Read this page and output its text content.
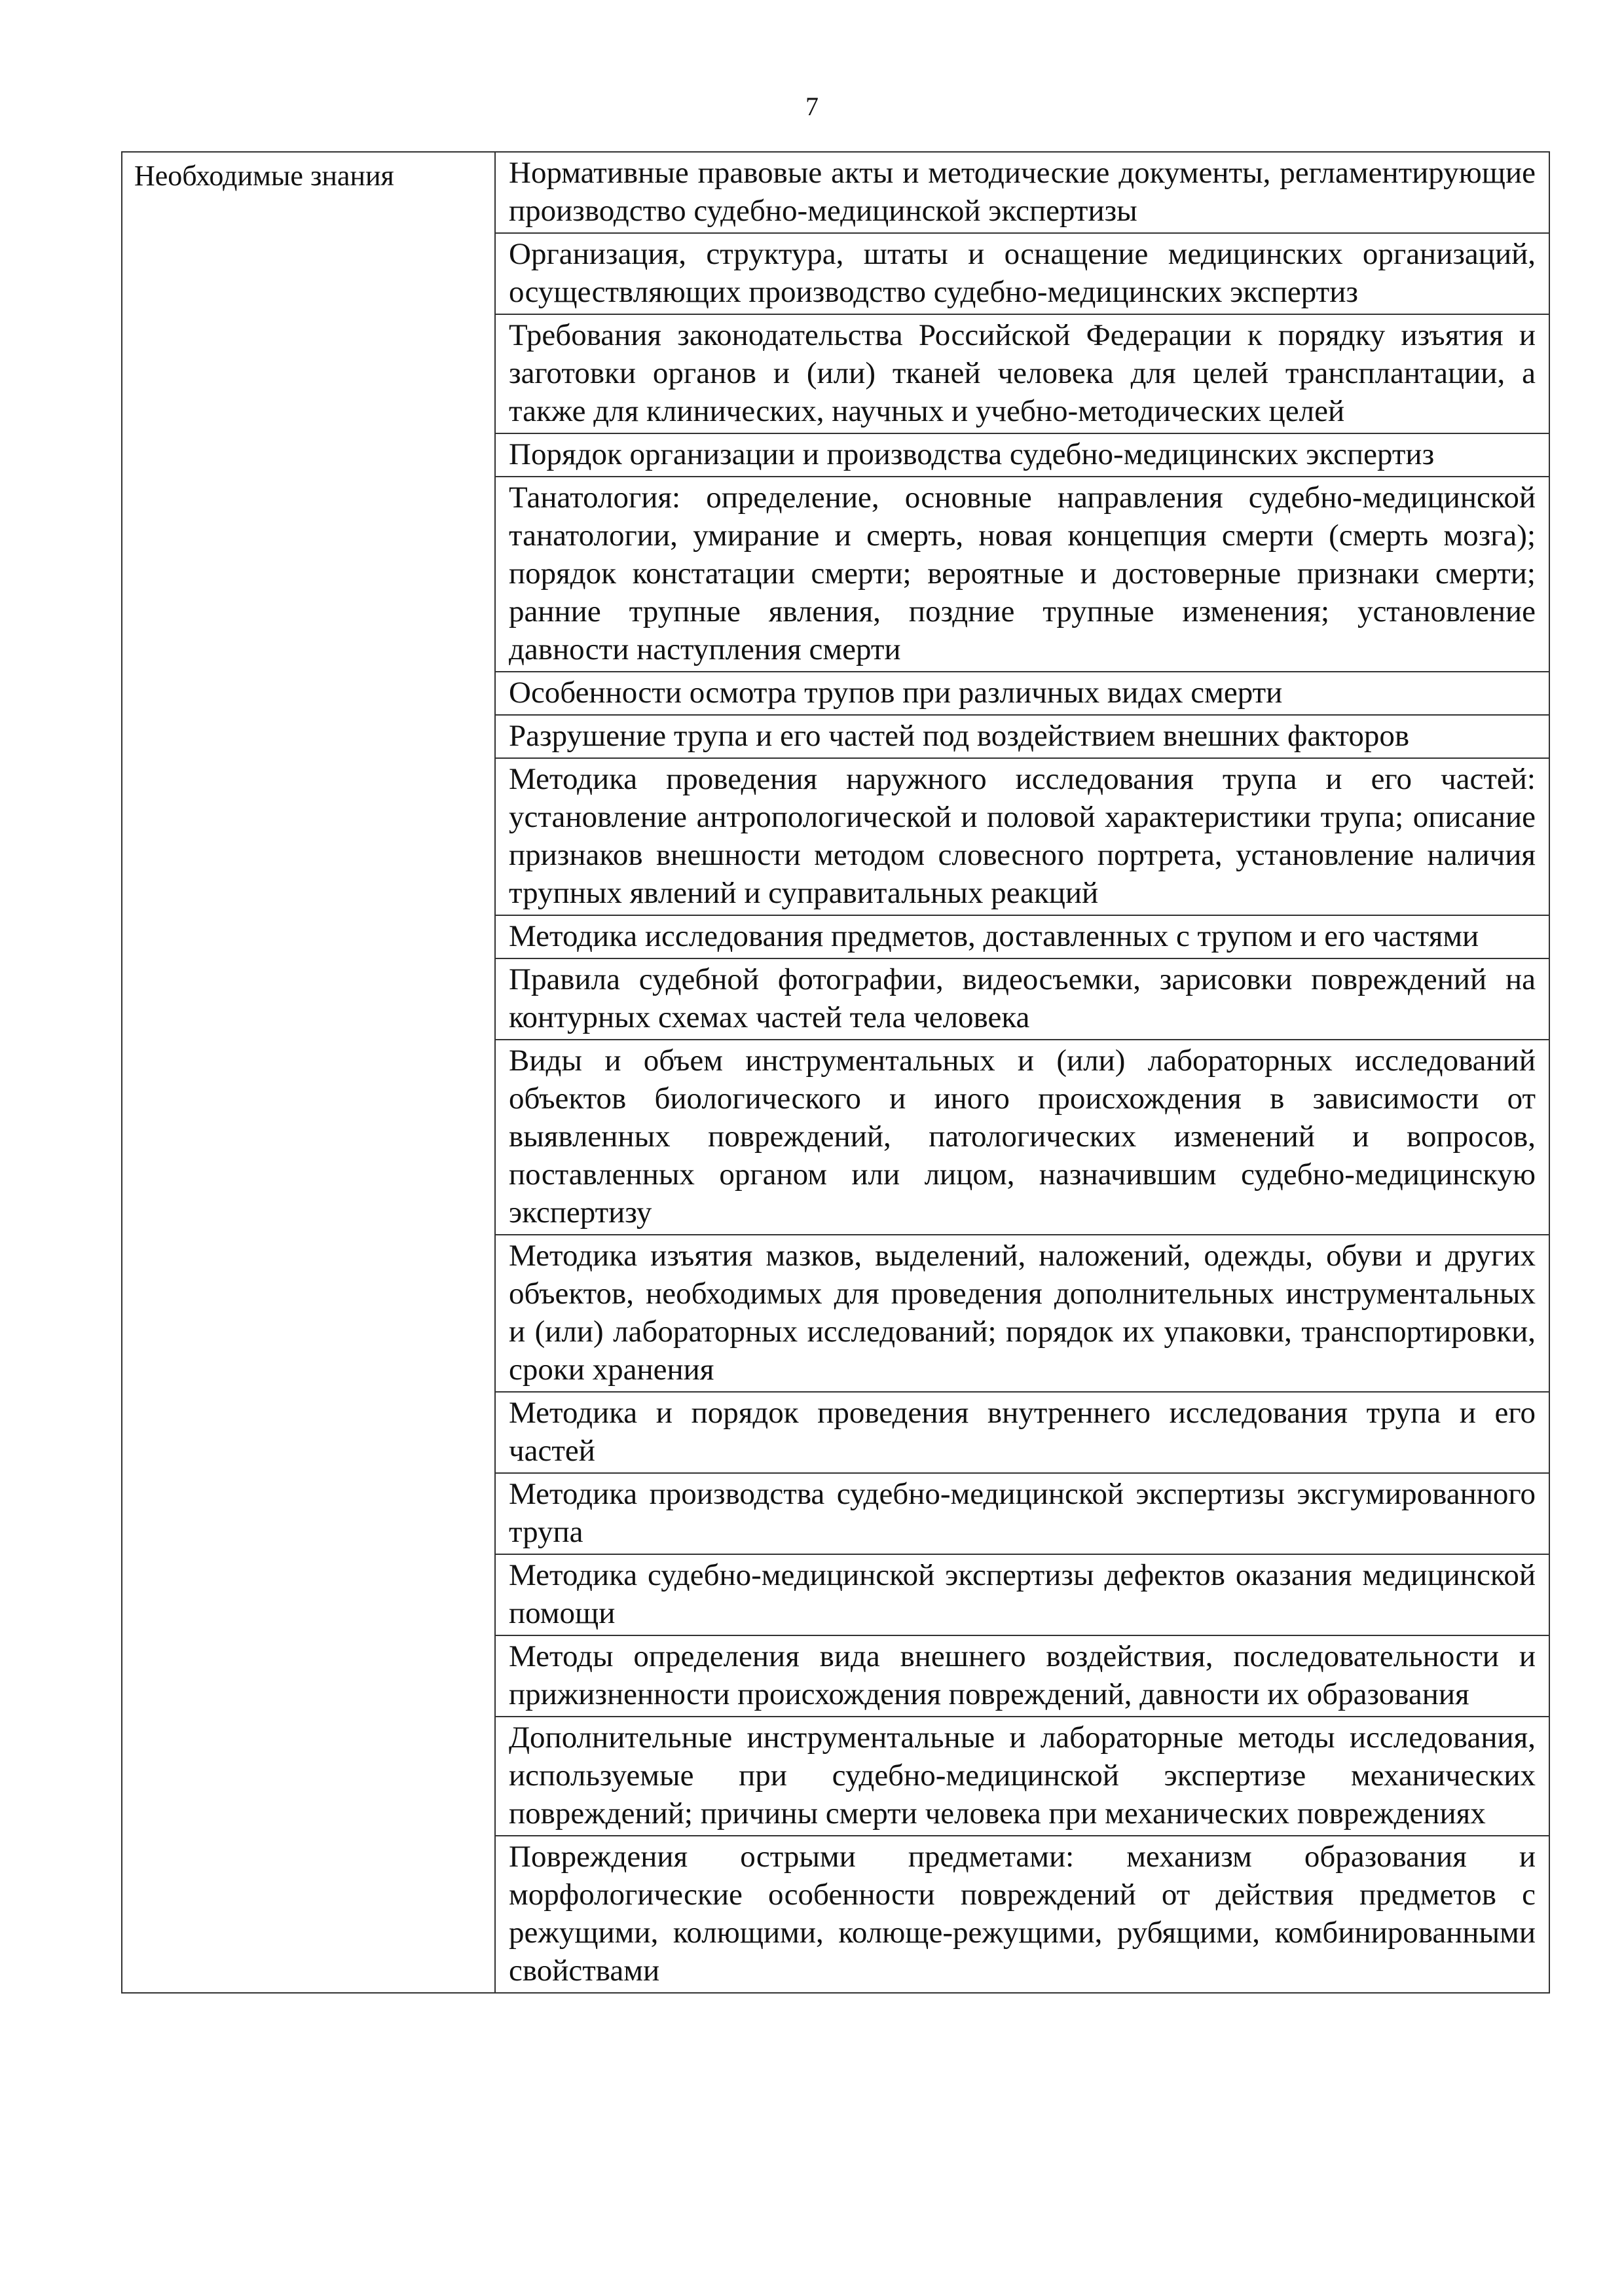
7
Необходимые знания	Нормативные правовые акты и методические документы, регламентирующие производство судебно-медицинской экспертизы
Организация, структура, штаты и оснащение медицинских организаций, осуществляющих производство судебно-медицинских экспертиз
Требования законодательства Российской Федерации к порядку изъятия и заготовки органов и (или) тканей человека для целей трансплантации, а также для клинических, научных и учебно-методических целей
Порядок организации и производства судебно-медицинских экспертиз
Танатология: определение, основные направления судебно-медицинской танатологии, умирание и смерть, новая концепция смерти (смерть мозга); порядок констатации смерти; вероятные и достоверные признаки смерти; ранние трупные явления, поздние трупные изменения; установление давности наступления смерти
Особенности осмотра трупов при различных видах смерти
Разрушение трупа и его частей под воздействием внешних факторов
Методика проведения наружного исследования трупа и его частей: установление антропологической и половой характеристики трупа; описание признаков внешности методом словесного портрета, установление наличия трупных явлений и суправитальных реакций
Методика исследования предметов, доставленных с трупом и его частями
Правила судебной фотографии, видеосъемки, зарисовки повреждений на контурных схемах частей тела человека
Виды и объем инструментальных и (или) лабораторных исследований объектов биологического и иного происхождения в зависимости от выявленных повреждений, патологических изменений и вопросов, поставленных органом или лицом, назначившим судебно-медицинскую экспертизу
Методика изъятия мазков, выделений, наложений, одежды, обуви и других объектов, необходимых для проведения дополнительных инструментальных и (или) лабораторных исследований; порядок их упаковки, транспортировки, сроки хранения
Методика и порядок проведения внутреннего исследования трупа и его частей
Методика производства судебно-медицинской экспертизы эксгумированного трупа
Методика судебно-медицинской экспертизы дефектов оказания медицинской помощи
Методы определения вида внешнего воздействия, последовательности и прижизненности происхождения повреждений, давности их образования
Дополнительные инструментальные и лабораторные методы исследования, используемые при судебно-медицинской экспертизе механических повреждений; причины смерти человека при механических повреждениях
Повреждения острыми предметами: механизм образования и морфологические особенности повреждений от действия предметов с режущими, колющими, колюще-режущими, рубящими, комбинированными свойствами
